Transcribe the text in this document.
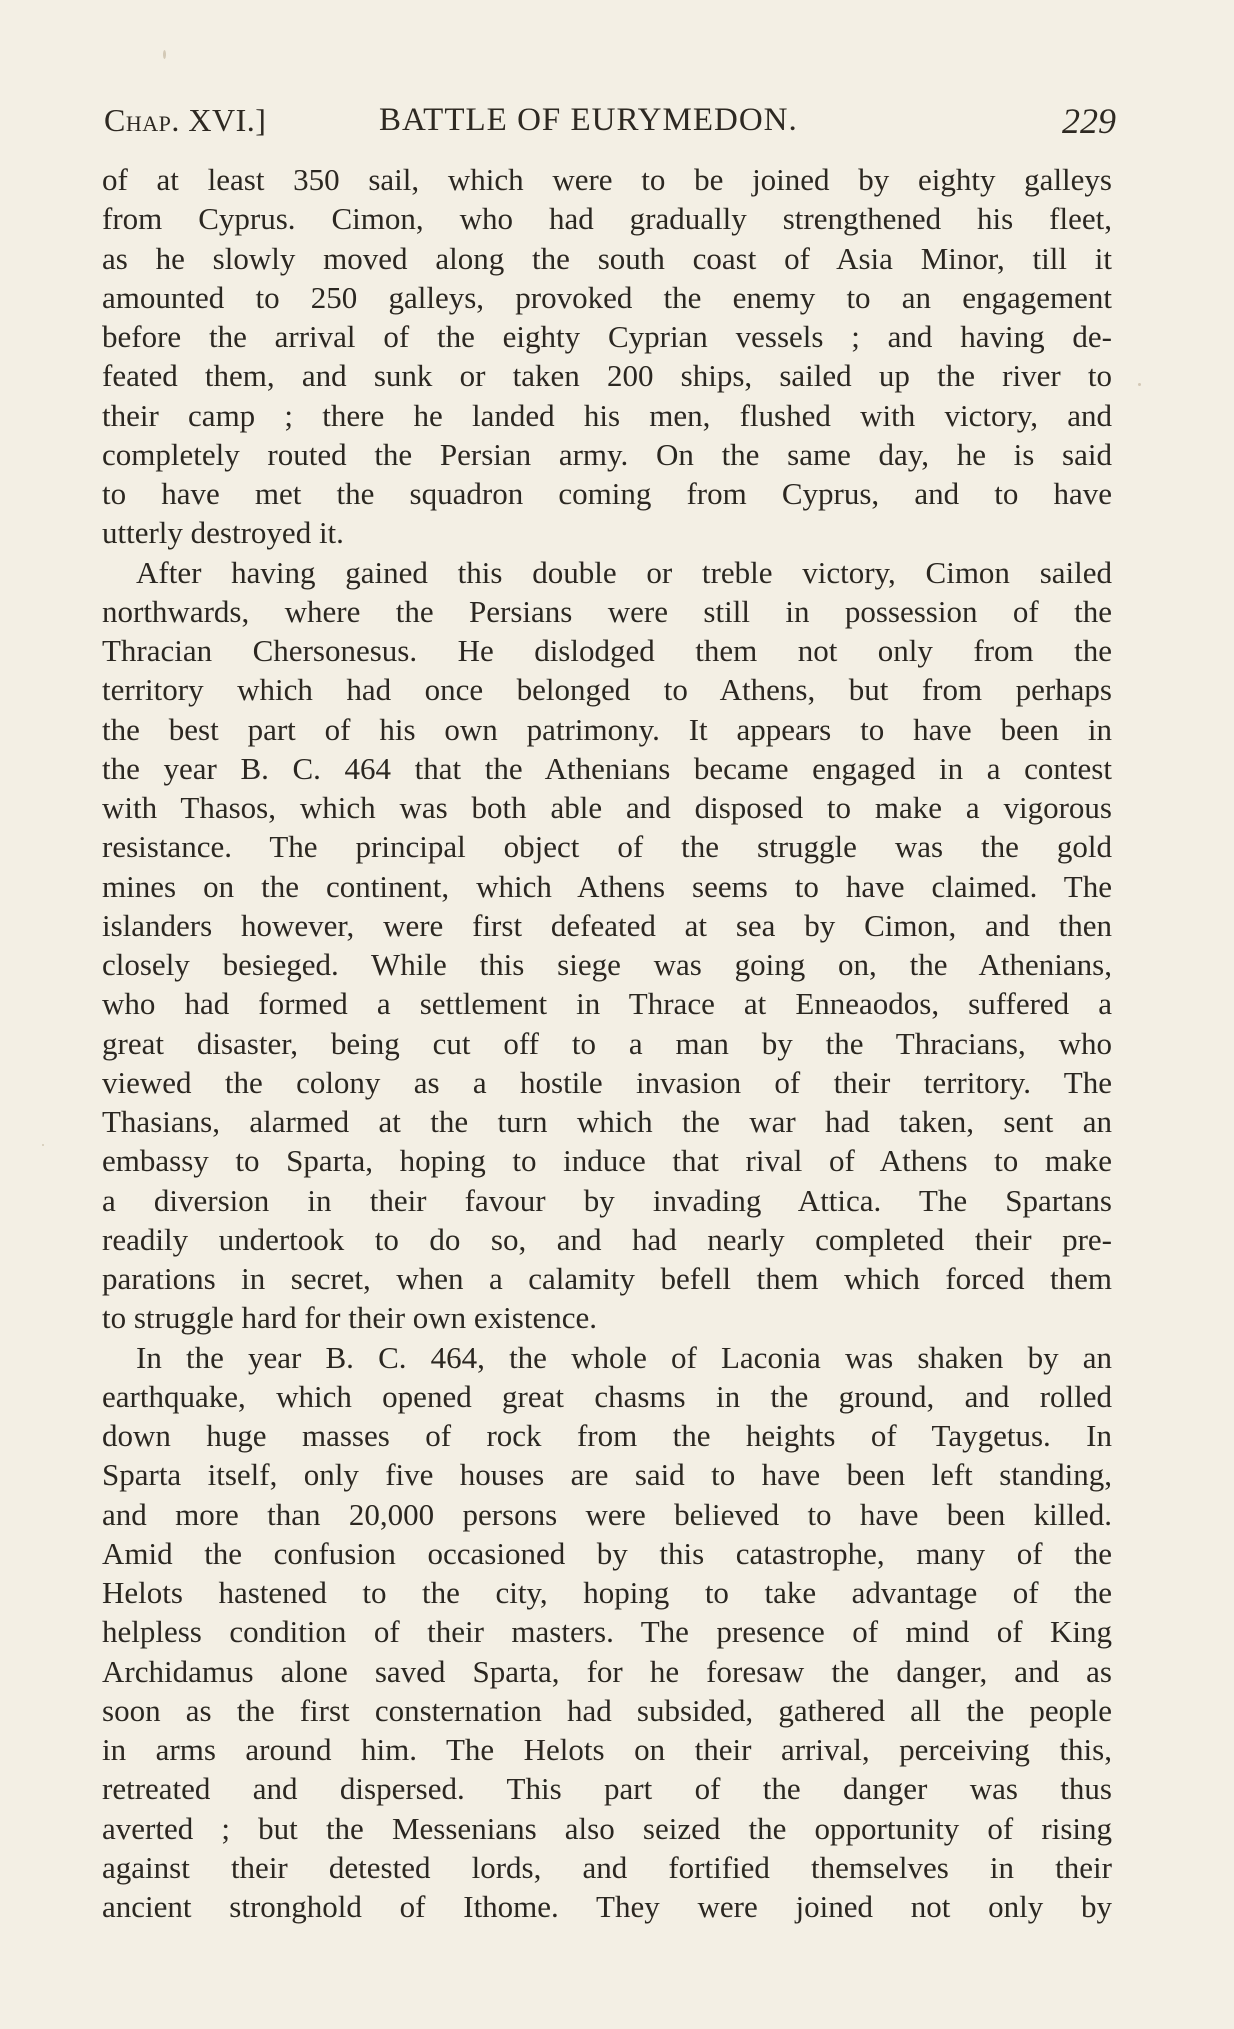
Chap. XVI.]	BATTLE OF EURYMEDON.	229
of at least 350 sail, which were to be joined by eighty galleys
from Cyprus. Cimon, who had gradually strengthened his fleet,
as he slowly moved along the south coast of Asia Minor, till it
amounted to 250 galleys, provoked the enemy to an engagement
before the arrival of the eighty Cyprian vessels ; and having de-
feated them, and sunk or taken 200 ships, sailed up the river to
their camp ; there he landed his men, flushed with victory, and
completely routed the Persian army. On the same day, he is said
to have met the squadron coming from Cyprus, and to have
utterly destroyed it.
After having gained this double or treble victory, Cimon sailed
northwards, where the Persians were still in possession of the
Thracian Chersonesus. He dislodged them not only from the
territory which had once belonged to Athens, but from perhaps
the best part of his own patrimony. It appears to have been in
the year B. C. 464 that the Athenians became engaged in a contest
with Thasos, which was both able and disposed to make a vigorous
resistance. The principal object of the struggle was the gold
mines on the continent, which Athens seems to have claimed. The
islanders however, were first defeated at sea by Cimon, and then
closely besieged. While this siege was going on, the Athenians,
who had formed a settlement in Thrace at Enneaodos, suffered a
great disaster, being cut off to a man by the Thracians, who
viewed the colony as a hostile invasion of their territory. The
Thasians, alarmed at the turn which the war had taken, sent an
embassy to Sparta, hoping to induce that rival of Athens to make
a diversion in their favour by invading Attica. The Spartans
readily undertook to do so, and had nearly completed their pre-
parations in secret, when a calamity befell them which forced them
to struggle hard for their own existence.
In the year B. C. 464, the whole of Laconia was shaken by an
earthquake, which opened great chasms in the ground, and rolled
down huge masses of rock from the heights of Taygetus. In
Sparta itself, only five houses are said to have been left standing,
and more than 20,000 persons were believed to have been killed.
Amid the confusion occasioned by this catastrophe, many of the
Helots hastened to the city, hoping to take advantage of the
helpless condition of their masters. The presence of mind of King
Archidamus alone saved Sparta, for he foresaw the danger, and as
soon as the first consternation had subsided, gathered all the people
in arms around him. The Helots on their arrival, perceiving this,
retreated and dispersed. This part of the danger was thus
averted ; but the Messenians also seized the opportunity of rising
against their detested lords, and fortified themselves in their
ancient stronghold of Ithome. They were joined not only by
